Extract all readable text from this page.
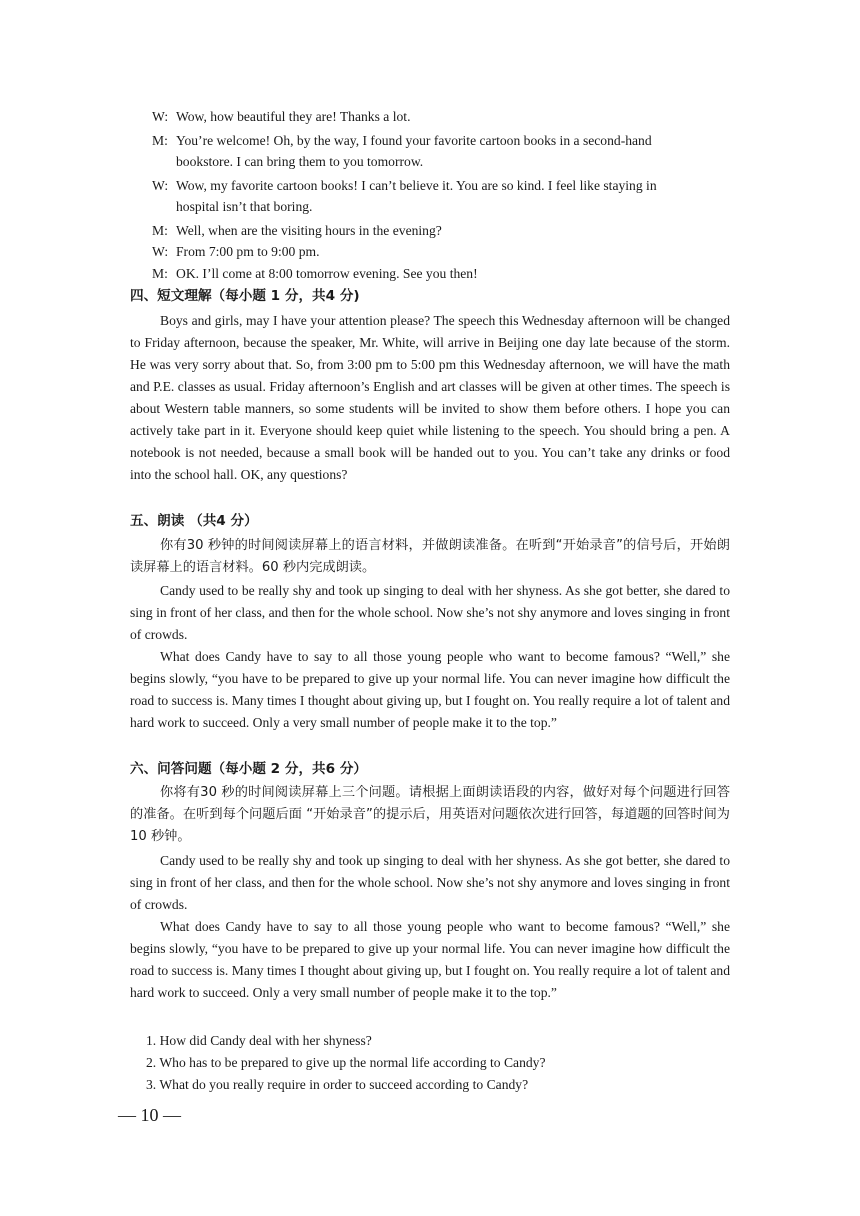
W: Wow, how beautiful they are! Thanks a lot.
M: You’re welcome! Oh, by the way, I found your favorite cartoon books in a second-hand
bookstore. I can bring them to you tomorrow.
W: Wow, my favorite cartoon books! I can’t believe it. You are so kind. I feel like staying in
hospital isn’t that boring.
M: Well, when are the visiting hours in the evening?
W: From 7:00 pm to 9:00 pm.
M: OK. I’ll come at 8:00 tomorrow evening. See you then!
四、短文理解（每小题 1 分，共4 分)
Boys and girls, may I have your attention please? The speech this Wednesday afternoon will be changed to Friday afternoon, because the speaker, Mr. White, will arrive in Beijing one day late because of the storm. He was very sorry about that. So, from 3:00 pm to 5:00 pm this Wednesday afternoon, we will have the math and P.E. classes as usual. Friday afternoon’s English and art classes will be given at other times. The speech is about Western table manners, so some students will be invited to show them before others. I hope you can actively take part in it. Everyone should keep quiet while listening to the speech. You should bring a pen. A notebook is not needed, because a small book will be handed out to you. You can’t take any drinks or food into the school hall. OK, any questions?
五、朗读 （共4 分）
你有30 秒钟的时间阅读屏幕上的语言材料，并做朗读准备。在听到“开始录音”的信号后，开始朗读屏幕上的语言材料。60 秒内完成朗读。
Candy used to be really shy and took up singing to deal with her shyness. As she got better, she dared to sing in front of her class, and then for the whole school. Now she’s not shy anymore and loves singing in front of crowds.
What does Candy have to say to all those young people who want to become famous? “Well,” she begins slowly, “you have to be prepared to give up your normal life. You can never imagine how difficult the road to success is. Many times I thought about giving up, but I fought on. You really require a lot of talent and hard work to succeed. Only a very small number of people make it to the top.”
六、问答问题（每小题 2 分，共6 分）
你将有30 秒的时间阅读屏幕上三个问题。请根据上面朗读语段的内容，做好对每个问题进行回答的准备。在听到每个问题后面 “开始录音”的提示后，用英语对问题依次进行回答，每道题的回答时间为 10 秒钟。
Candy used to be really shy and took up singing to deal with her shyness. As she got better, she dared to sing in front of her class, and then for the whole school. Now she’s not shy anymore and loves singing in front of crowds.
What does Candy have to say to all those young people who want to become famous? “Well,” she begins slowly, “you have to be prepared to give up your normal life. You can never imagine how difficult the road to success is. Many times I thought about giving up, but I fought on. You really require a lot of talent and hard work to succeed. Only a very small number of people make it to the top.”
1. How did Candy deal with her shyness?
2. Who has to be prepared to give up the normal life according to Candy?
3. What do you really require in order to succeed according to Candy?
— 10 —
